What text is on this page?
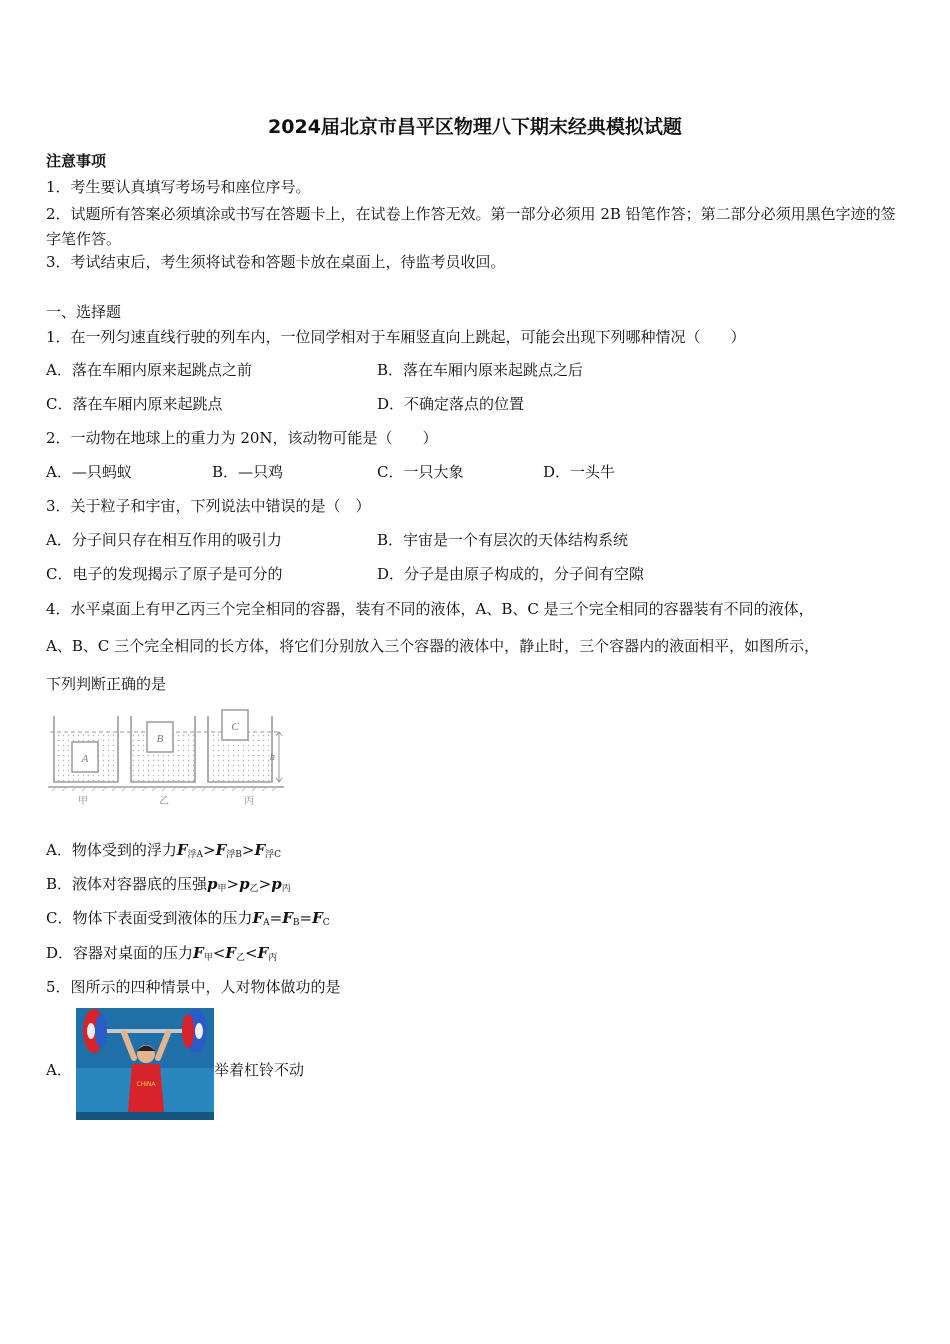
2024届北京市昌平区物理八下期末经典模拟试题
注意事项
1．考生要认真填写考场号和座位序号。
2．试题所有答案必须填涂或书写在答题卡上，在试卷上作答无效。第一部分必须用 2B 铅笔作答；第二部分必须用黑色字迹的签字笔作答。
3．考试结束后，考生须将试卷和答题卡放在桌面上，待监考员收回。
一、选择题
1．在一列匀速直线行驶的列车内，一位同学相对于车厢竖直向上跳起，可能会出现下列哪种情况（　　）
A．落在车厢内原来起跳点之前	B．落在车厢内原来起跳点之后
C．落在车厢内原来起跳点	D．不确定落点的位置
2．一动物在地球上的重力为 20N，该动物可能是（　　）
A．—只蚂蚁	B．—只鸡	C．一只大象	D．一头牛
3．关于粒子和宇宙，下列说法中错误的是（　）
A．分子间只存在相互作用的吸引力	B．宇宙是一个有层次的天体结构系统
C．电子的发现揭示了原子是可分的	D．分子是由原子构成的，分子间有空隙
4．水平桌面上有甲乙丙三个完全相同的容器，装有不同的液体，A、B、C 是三个完全相同的容器装有不同的液体，
A、B、C 三个完全相同的长方体，将它们分别放入三个容器的液体中，静止时，三个容器内的液面相平，如图所示，
下列判断正确的是
A
B
C
h
甲	乙	丙
A．物体受到的浮力$F_{浮A}>F_{浮B}>F_{浮C}$
B．液体对容器底的压强$p_甲>p_乙>p_丙$
C．物体下表面受到液体的压力$F_A=F_B=F_C$
D．容器对桌面的压力$F_甲<F_乙<F_丙$
5．图所示的四种情景中，人对物体做功的是
A．
CHINA
举着杠铃不动
